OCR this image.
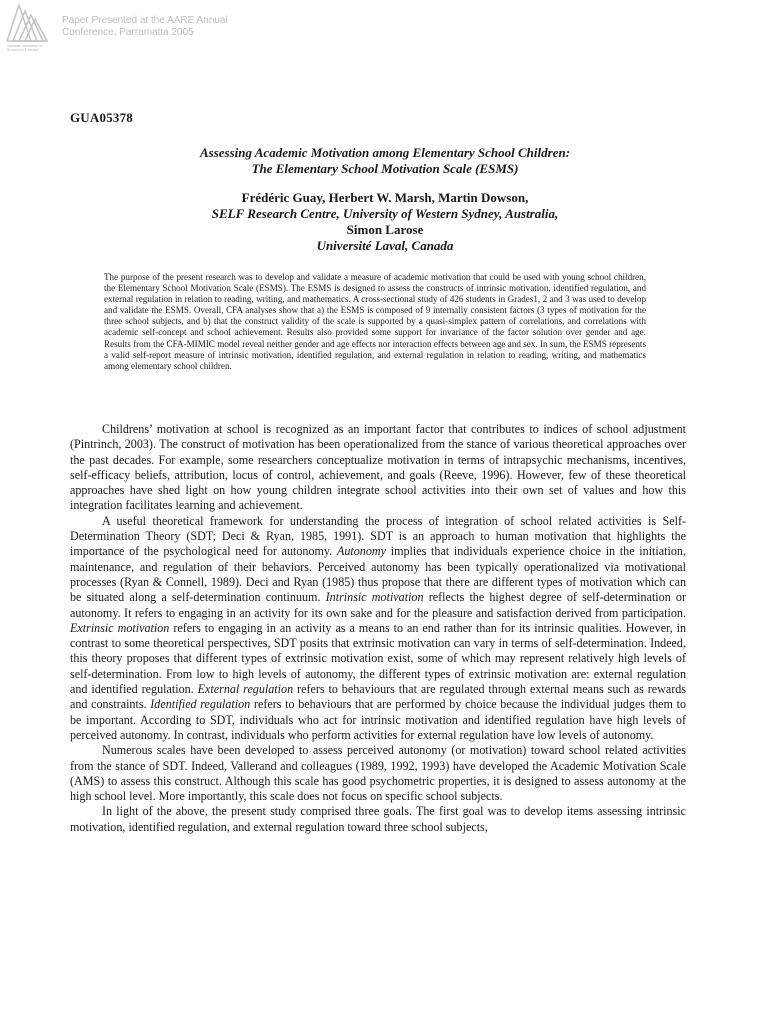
Australian Association for Research in Education
Paper Presented at the AARE Annual
Conference, Parramatta 2005
GUA05378
Assessing Academic Motivation among Elementary School Children:
The Elementary School Motivation Scale (ESMS)
Frédéric Guay, Herbert W. Marsh, Martin Dowson,
SELF Research Centre, University of Western Sydney, Australia,
Simon Larose
Université Laval, Canada
The purpose of the present research was to develop and validate a measure of academic motivation that could be used with young school children, the Elementary School Motivation Scale (ESMS). The ESMS is designed to assess the constructs of intrinsic motivation, identified regulation, and external regulation in relation to reading, writing, and mathematics. A cross-sectional study of 426 students in Grades1, 2 and 3 was used to develop and validate the ESMS. Overall, CFA analyses show that a) the ESMS is composed of 9 internally consistent factors (3 types of motivation for the three school subjects, and b) that the construct validity of the scale is supported by a quasi-simplex pattern of correlations, and correlations with academic self-concept and school achievement. Results also provided some support for invariance of the factor solution over gender and age. Results from the CFA-MIMIC model reveal neither gender and age effects nor interaction effects between age and sex. In sum, the ESMS represents a valid self-report measure of intrinsic motivation, identified regulation, and external regulation in relation to reading, writing, and mathematics among elementary school children.

Childrens’ motivation at school is recognized as an important factor that contributes to indices of school adjustment (Pintrinch, 2003). The construct of motivation has been operationalized from the stance of various theoretical approaches over the past decades. For example, some researchers conceptualize motivation in terms of intrapsychic mechanisms, incentives, self-efficacy beliefs, attribution, locus of control, achievement, and goals (Reeve, 1996). However, few of these theoretical approaches have shed light on how young children integrate school activities into their own set of values and how this integration facilitates learning and achievement.

A useful theoretical framework for understanding the process of integration of school related activities is Self-Determination Theory (SDT; Deci & Ryan, 1985, 1991). SDT is an approach to human motivation that highlights the importance of the psychological need for autonomy. Autonomy implies that individuals experience choice in the initiation, maintenance, and regulation of their behaviors. Perceived autonomy has been typically operationalized via motivational processes (Ryan & Connell, 1989). Deci and Ryan (1985) thus propose that there are different types of motivation which can be situated along a self-determination continuum. Intrinsic motivation reflects the highest degree of self-determination or autonomy. It refers to engaging in an activity for its own sake and for the pleasure and satisfaction derived from participation. Extrinsic motivation refers to engaging in an activity as a means to an end rather than for its intrinsic qualities. However, in contrast to some theoretical perspectives, SDT posits that extrinsic motivation can vary in terms of self-determination. Indeed, this theory proposes that different types of extrinsic motivation exist, some of which may represent relatively high levels of self-determination. From low to high levels of autonomy, the different types of extrinsic motivation are: external regulation and identified regulation. External regulation refers to behaviours that are regulated through external means such as rewards and constraints. Identified regulation refers to behaviours that are performed by choice because the individual judges them to be important. According to SDT, individuals who act for intrinsic motivation and identified regulation have high levels of perceived autonomy. In contrast, individuals who perform activities for external regulation have low levels of autonomy.

Numerous scales have been developed to assess perceived autonomy (or motivation) toward school related activities from the stance of SDT. Indeed, Vallerand and colleagues (1989, 1992, 1993) have developed the Academic Motivation Scale (AMS) to assess this construct. Although this scale has good psychometric properties, it is designed to assess autonomy at the high school level. More importantly, this scale does not focus on specific school subjects.

In light of the above, the present study comprised three goals. The first goal was to develop items assessing intrinsic motivation, identified regulation, and external regulation toward three school subjects,
